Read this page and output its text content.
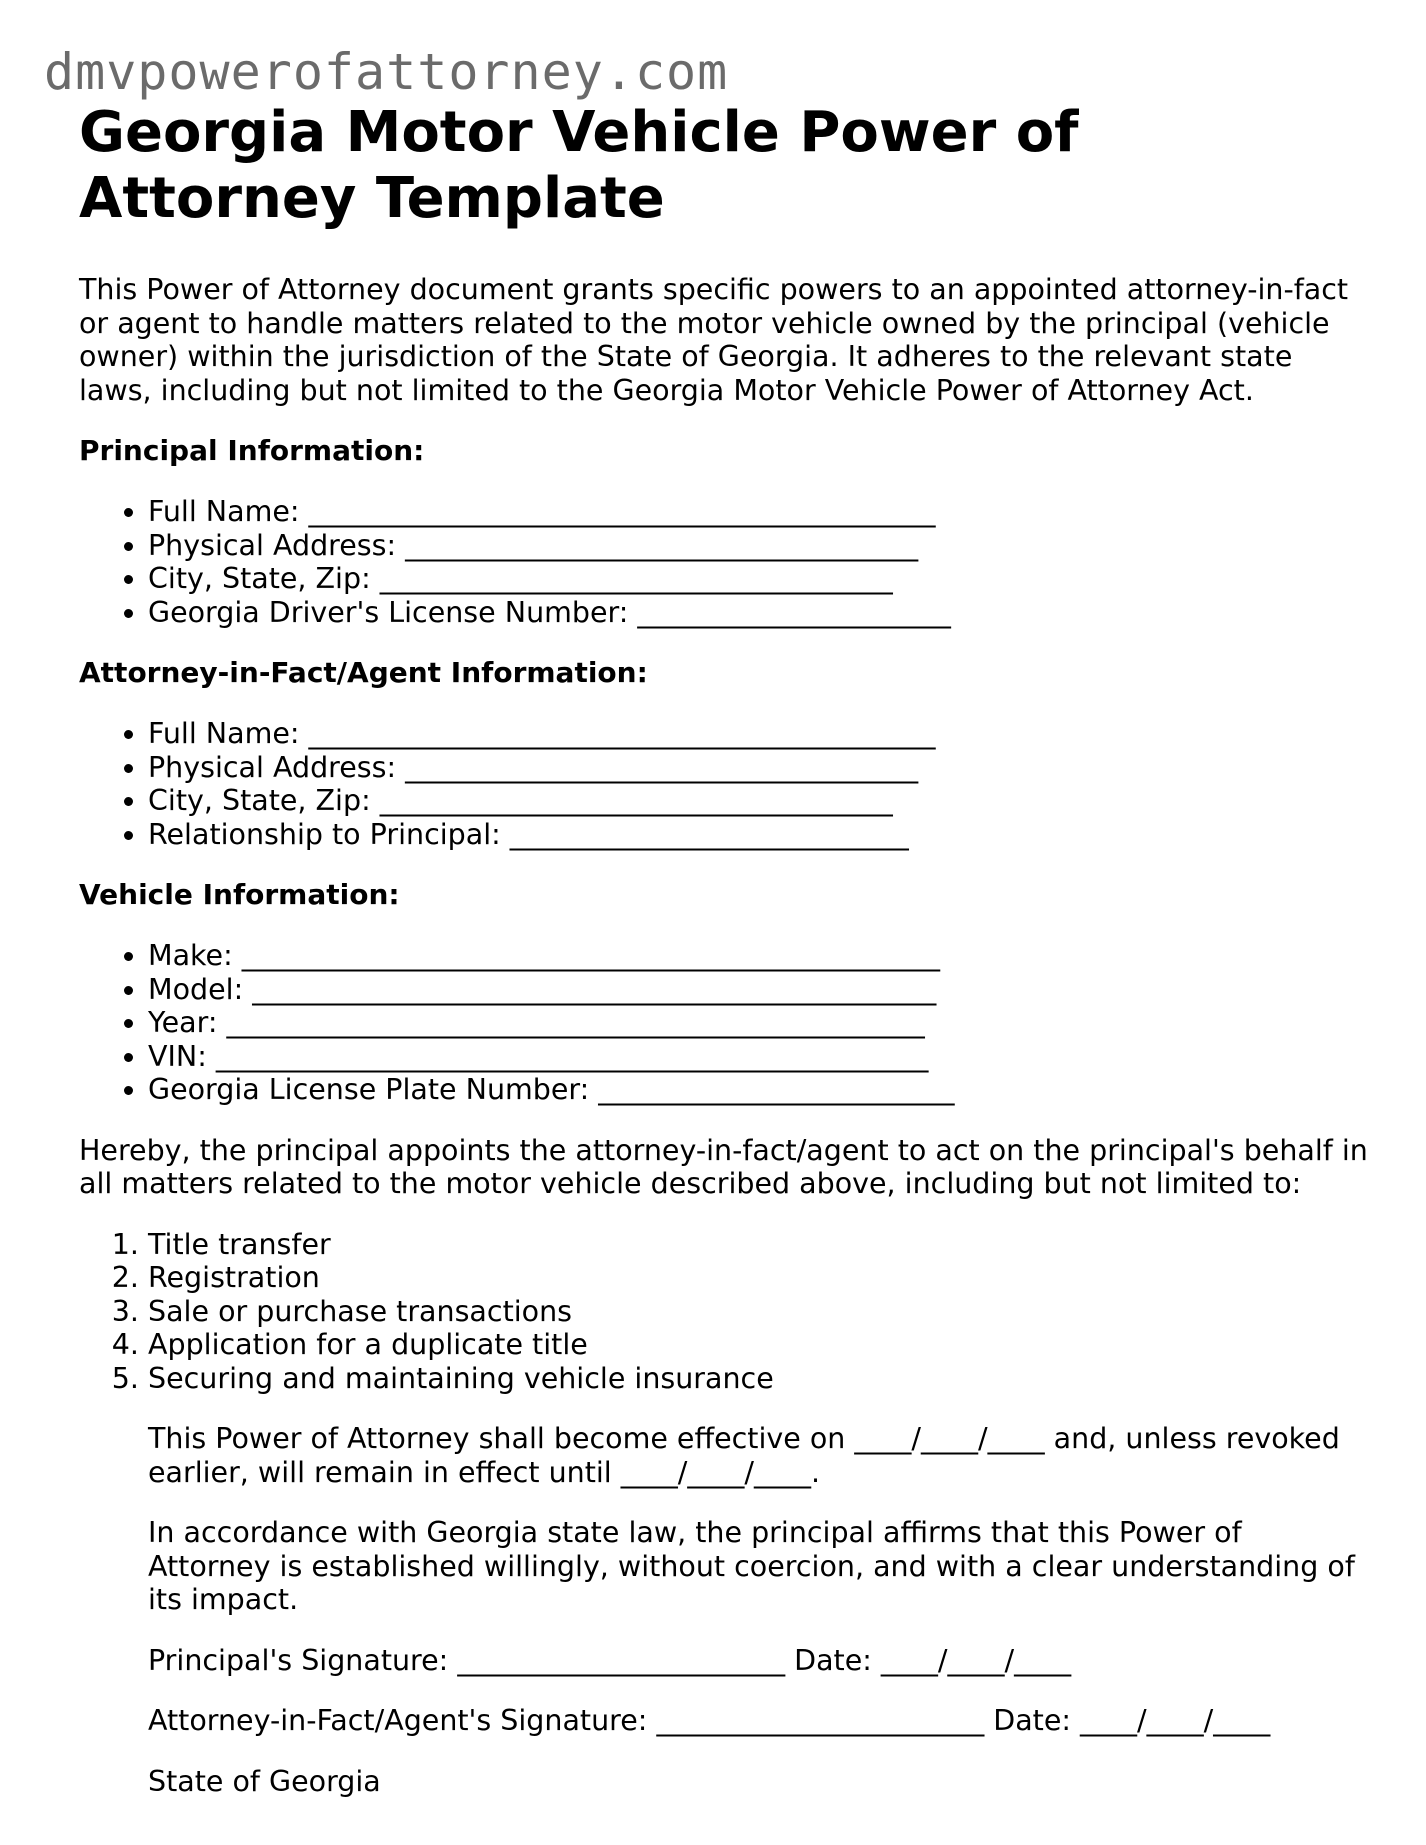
dmvpowerofattorney.com
Georgia Motor Vehicle Power of Attorney Template

This Power of Attorney document grants specific powers to an appointed attorney-in-fact or agent to handle matters related to the motor vehicle owned by the principal (vehicle owner) within the jurisdiction of the State of Georgia. It adheres to the relevant state laws, including but not limited to the Georgia Motor Vehicle Power of Attorney Act.

Principal Information:
• Full Name: ____________________________________________
• Physical Address: ____________________________________
• City, State, Zip: ____________________________________
• Georgia Driver's License Number: ______________________
Attorney-in-Fact/Agent Information:
• Full Name: ____________________________________________
• Physical Address: ____________________________________
• City, State, Zip: ____________________________________
• Relationship to Principal: ____________________________
Vehicle Information:
• Make: _________________________________________________
• Model: ________________________________________________
• Year: _________________________________________________
• VIN: __________________________________________________
• Georgia License Plate Number: _________________________

Hereby, the principal appoints the attorney-in-fact/agent to act on the principal's behalf in all matters related to the motor vehicle described above, including but not limited to:

1. Title transfer
2. Registration
3. Sale or purchase transactions
4. Application for a duplicate title
5. Securing and maintaining vehicle insurance

This Power of Attorney shall become effective on ____/____/____ and, unless revoked earlier, will remain in effect until ____/____/____.

In accordance with Georgia state law, the principal affirms that this Power of Attorney is established willingly, without coercion, and with a clear understanding of its impact.

Principal's Signature: _______________________ Date: ____/____/____

Attorney-in-Fact/Agent's Signature: _______________________ Date: ____/____/____

State of Georgia
